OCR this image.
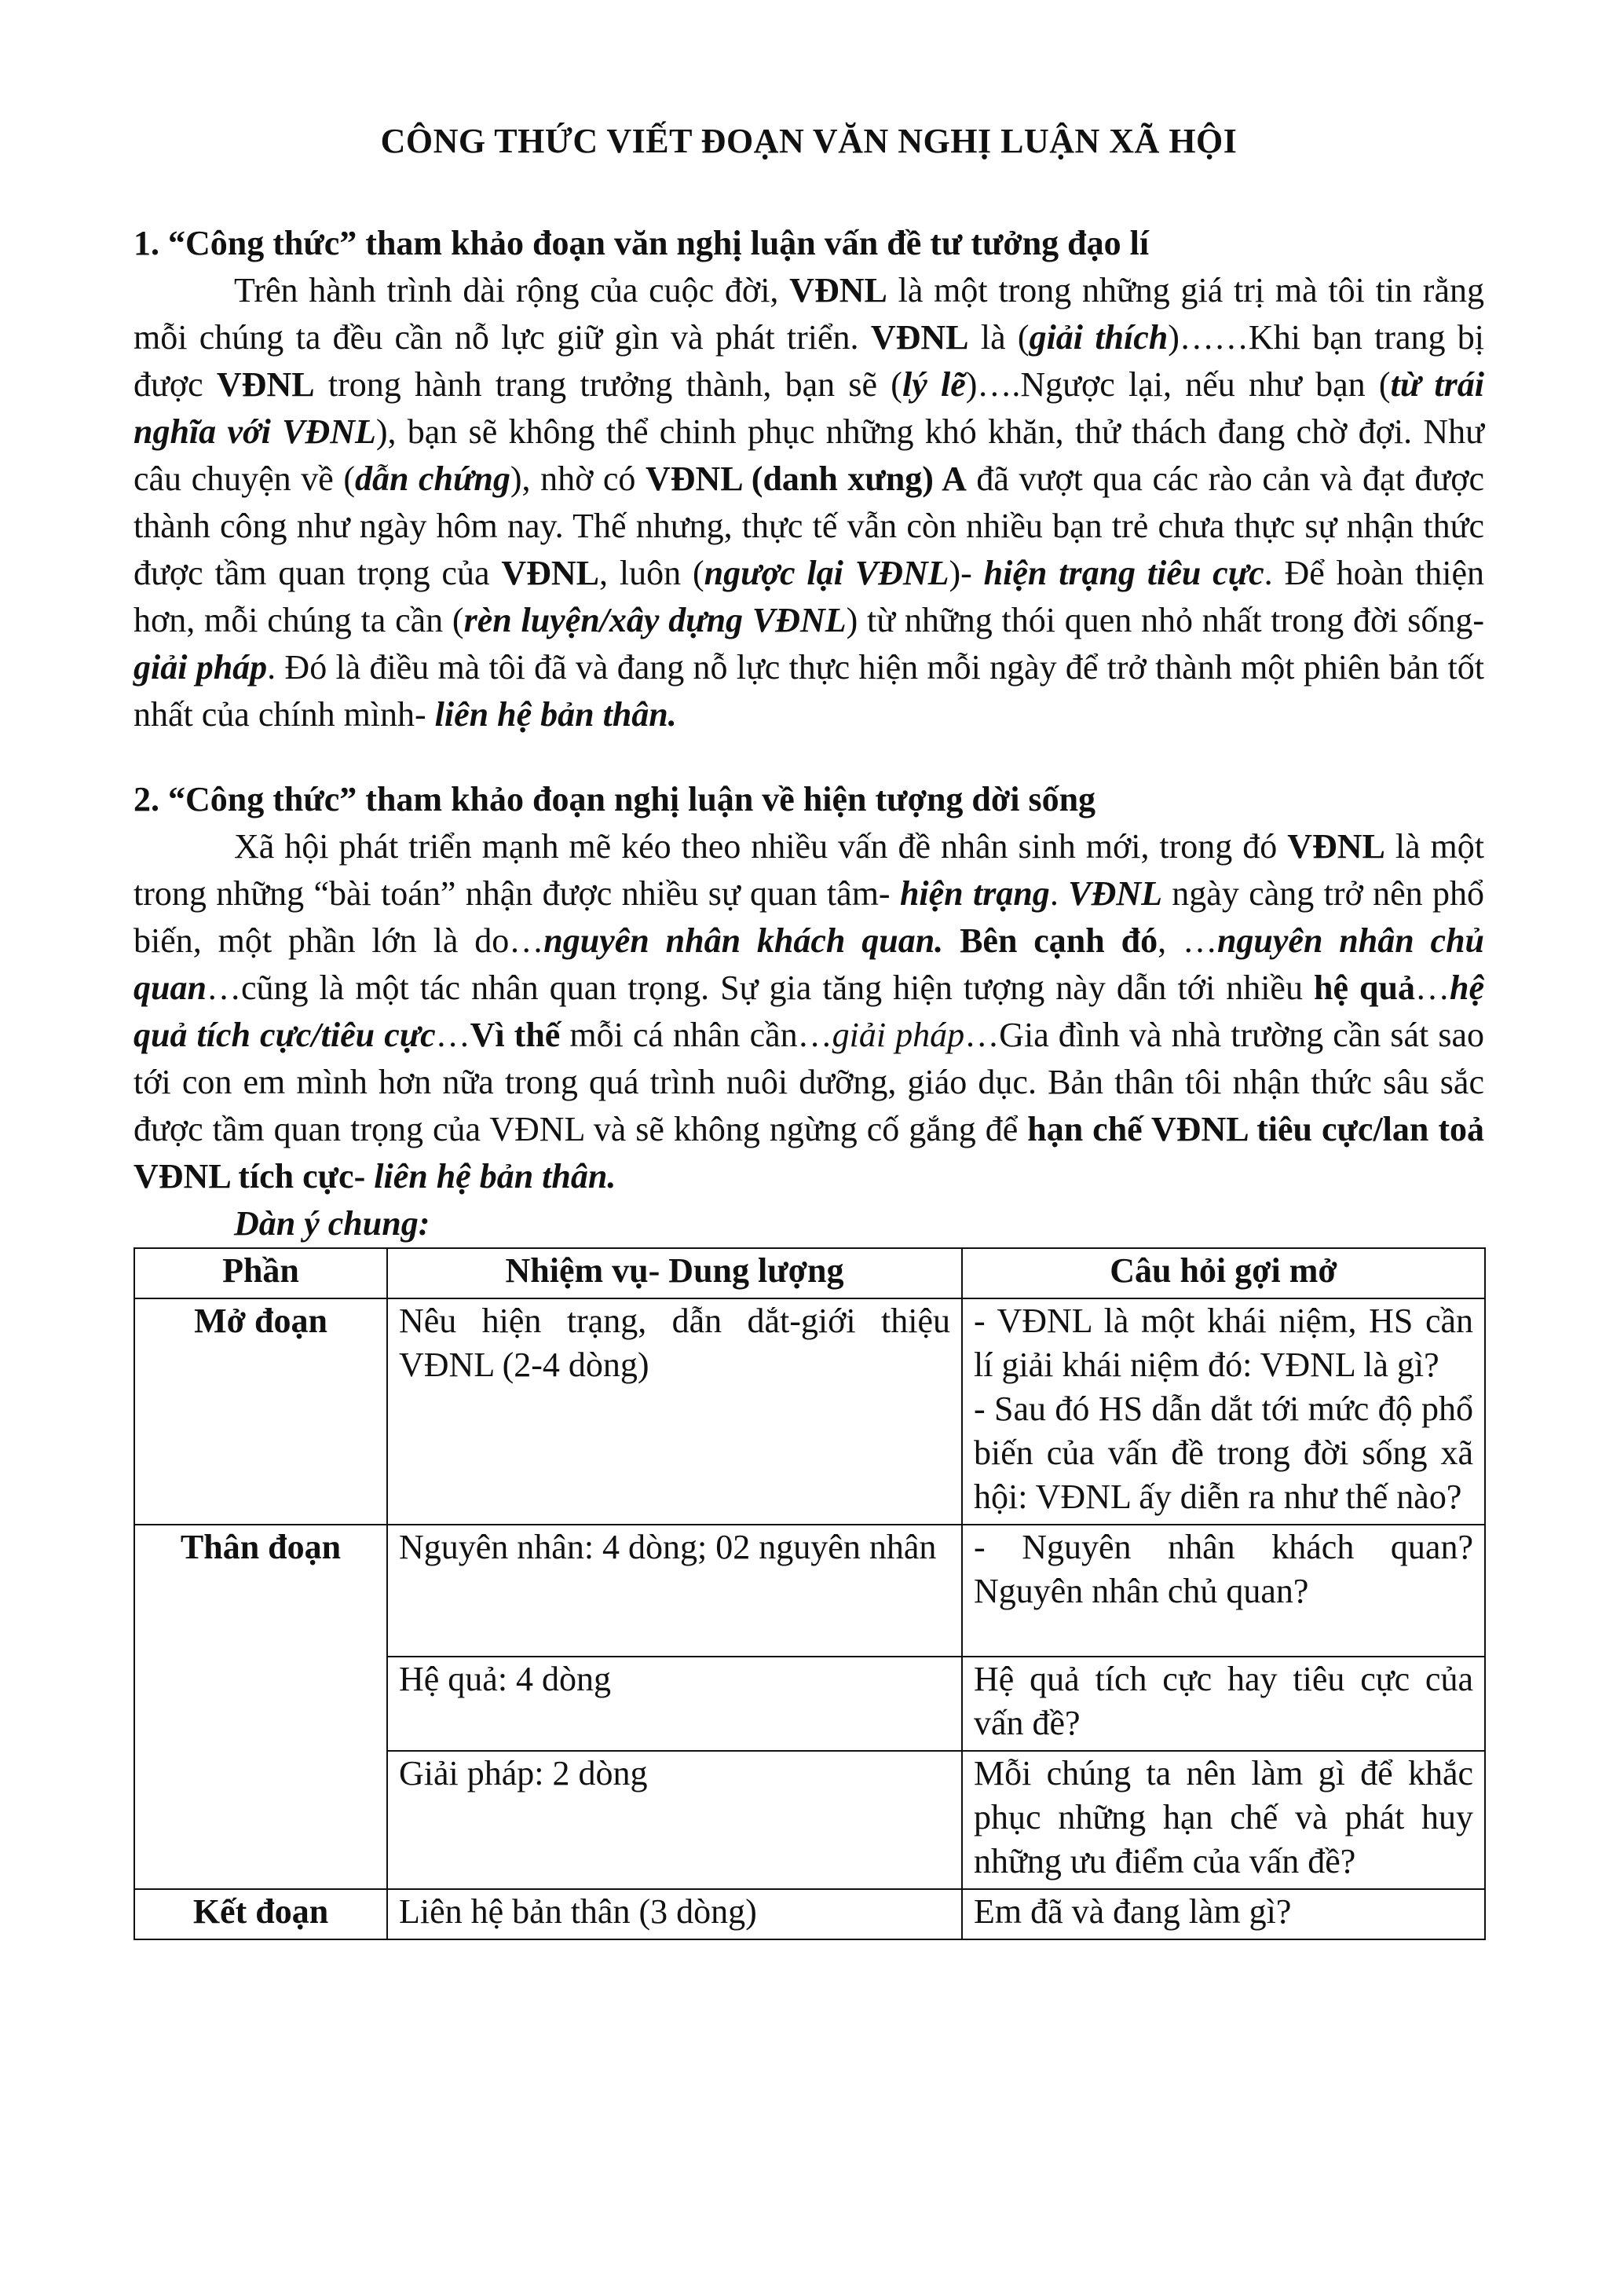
CÔNG THỨC VIẾT ĐOẠN VĂN NGHỊ LUẬN XÃ HỘI

1. “Công thức” tham khảo đoạn văn nghị luận vấn đề tư tưởng đạo lí

Trên hành trình dài rộng của cuộc đời, VĐNL là một trong những giá trị mà tôi tin rằng mỗi chúng ta đều cần nỗ lực giữ gìn và phát triển. VĐNL là (giải thích)……Khi bạn trang bị được VĐNL trong hành trang trưởng thành, bạn sẽ (lý lẽ)….Ngược lại, nếu như bạn (từ trái nghĩa với VĐNL), bạn sẽ không thể chinh phục những khó khăn, thử thách đang chờ đợi. Như câu chuyện về (dẫn chứng), nhờ có VĐNL (danh xưng) A đã vượt qua các rào cản và đạt được thành công như ngày hôm nay. Thế nhưng, thực tế vẫn còn nhiều bạn trẻ chưa thực sự nhận thức được tầm quan trọng của VĐNL, luôn (ngược lại VĐNL)- hiện trạng tiêu cực. Để hoàn thiện hơn, mỗi chúng ta cần (rèn luyện/xây dựng VĐNL) từ những thói quen nhỏ nhất trong đời sống- giải pháp. Đó là điều mà tôi đã và đang nỗ lực thực hiện mỗi ngày để trở thành một phiên bản tốt nhất của chính mình- liên hệ bản thân.

2. “Công thức” tham khảo đoạn nghị luận về hiện tượng dời sống

Xã hội phát triển mạnh mẽ kéo theo nhiều vấn đề nhân sinh mới, trong đó VĐNL là một trong những “bài toán” nhận được nhiều sự quan tâm- hiện trạng. VĐNL ngày càng trở nên phổ biến, một phần lớn là do…nguyên nhân khách quan. Bên cạnh đó, …nguyên nhân chủ quan…cũng là một tác nhân quan trọng. Sự gia tăng hiện tượng này dẫn tới nhiều hệ quả…hệ quả tích cực/tiêu cực…Vì thế mỗi cá nhân cần…giải pháp…Gia đình và nhà trường cần sát sao tới con em mình hơn nữa trong quá trình nuôi dưỡng, giáo dục. Bản thân tôi nhận thức sâu sắc được tầm quan trọng của VĐNL và sẽ không ngừng cố gắng để hạn chế VĐNL tiêu cực/lan toả VĐNL tích cực- liên hệ bản thân.

Dàn ý chung:

Phần	Nhiệm vụ- Dung lượng	Câu hỏi gợi mở
Mở đoạn	Nêu hiện trạng, dẫn dắt-giới thiệu VĐNL (2-4 dòng)	- VĐNL là một khái niệm, HS cần lí giải khái niệm đó: VĐNL là gì?
- Sau đó HS dẫn dắt tới mức độ phổ biến của vấn đề trong đời sống xã hội: VĐNL ấy diễn ra như thế nào?
Thân đoạn	Nguyên nhân: 4 dòng; 02 nguyên nhân	- Nguyên nhân khách quan? Nguyên nhân chủ quan?
	Hệ quả: 4 dòng	Hệ quả tích cực hay tiêu cực của vấn đề?
	Giải pháp: 2 dòng	Mỗi chúng ta nên làm gì để khắc phục những hạn chế và phát huy những ưu điểm của vấn đề?
Kết đoạn	Liên hệ bản thân (3 dòng)	Em đã và đang làm gì?
